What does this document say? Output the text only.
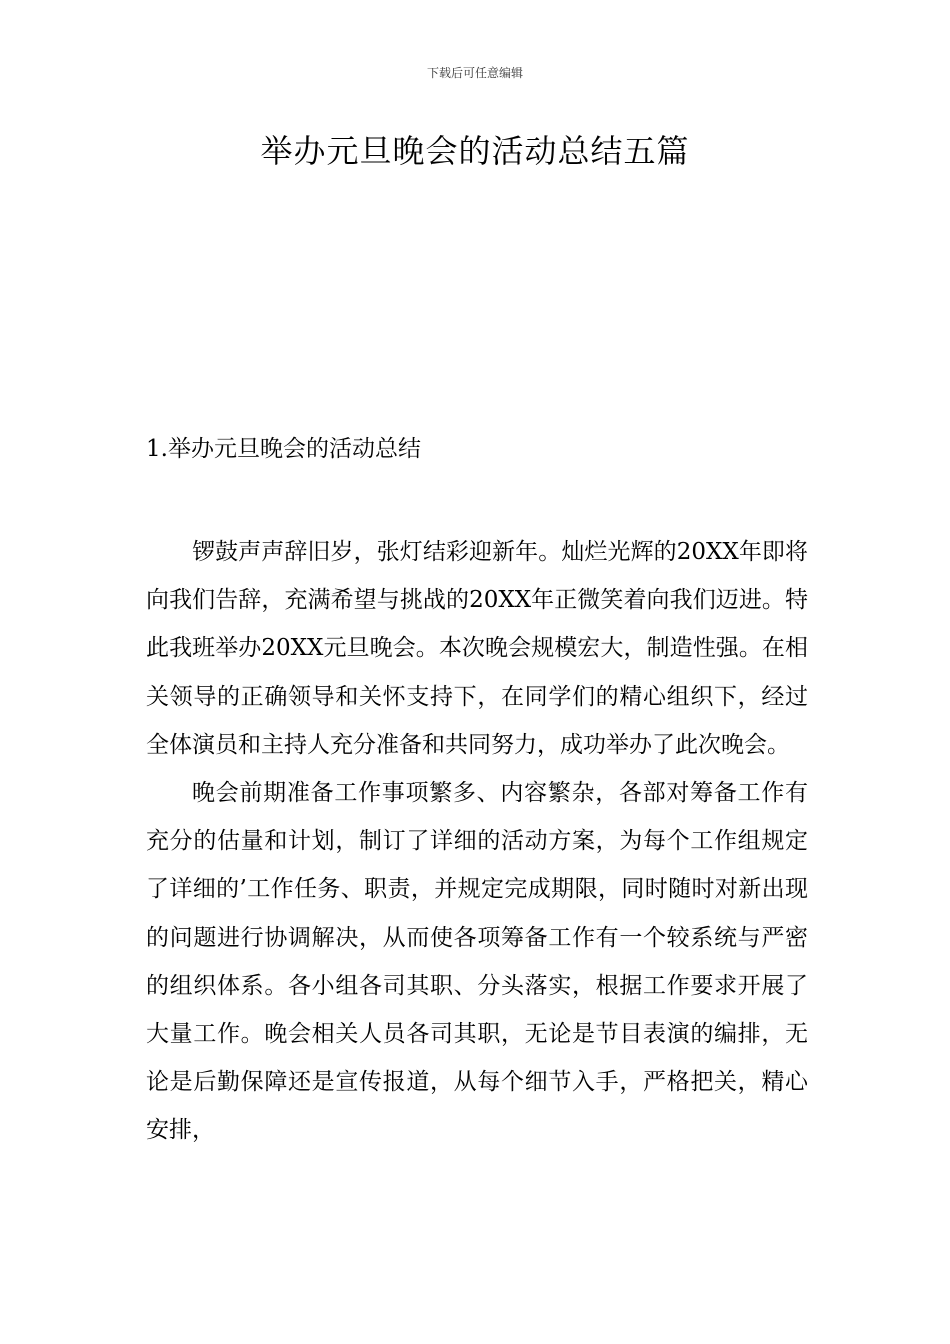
下载后可任意编辑
举办元旦晚会的活动总结五篇
1.举办元旦晚会的活动总结

锣鼓声声辞旧岁，张灯结彩迎新年。灿烂光辉的20XX年即将向我们告辞，充满希望与挑战的20XX年正微笑着向我们迈进。特此我班举办20XX元旦晚会。本次晚会规模宏大，制造性强。在相关领导的正确领导和关怀支持下，在同学们的精心组织下，经过全体演员和主持人充分准备和共同努力，成功举办了此次晚会。

晚会前期准备工作事项繁多、内容繁杂，各部对筹备工作有充分的估量和计划，制订了详细的活动方案，为每个工作组规定了详细的’工作任务、职责，并规定完成期限，同时随时对新出现的问题进行协调解决，从而使各项筹备工作有一个较系统与严密的组织体系。各小组各司其职、分头落实，根据工作要求开展了大量工作。晚会相关人员各司其职，无论是节目表演的编排，无论是后勤保障还是宣传报道，从每个细节入手，严格把关，精心安排，
